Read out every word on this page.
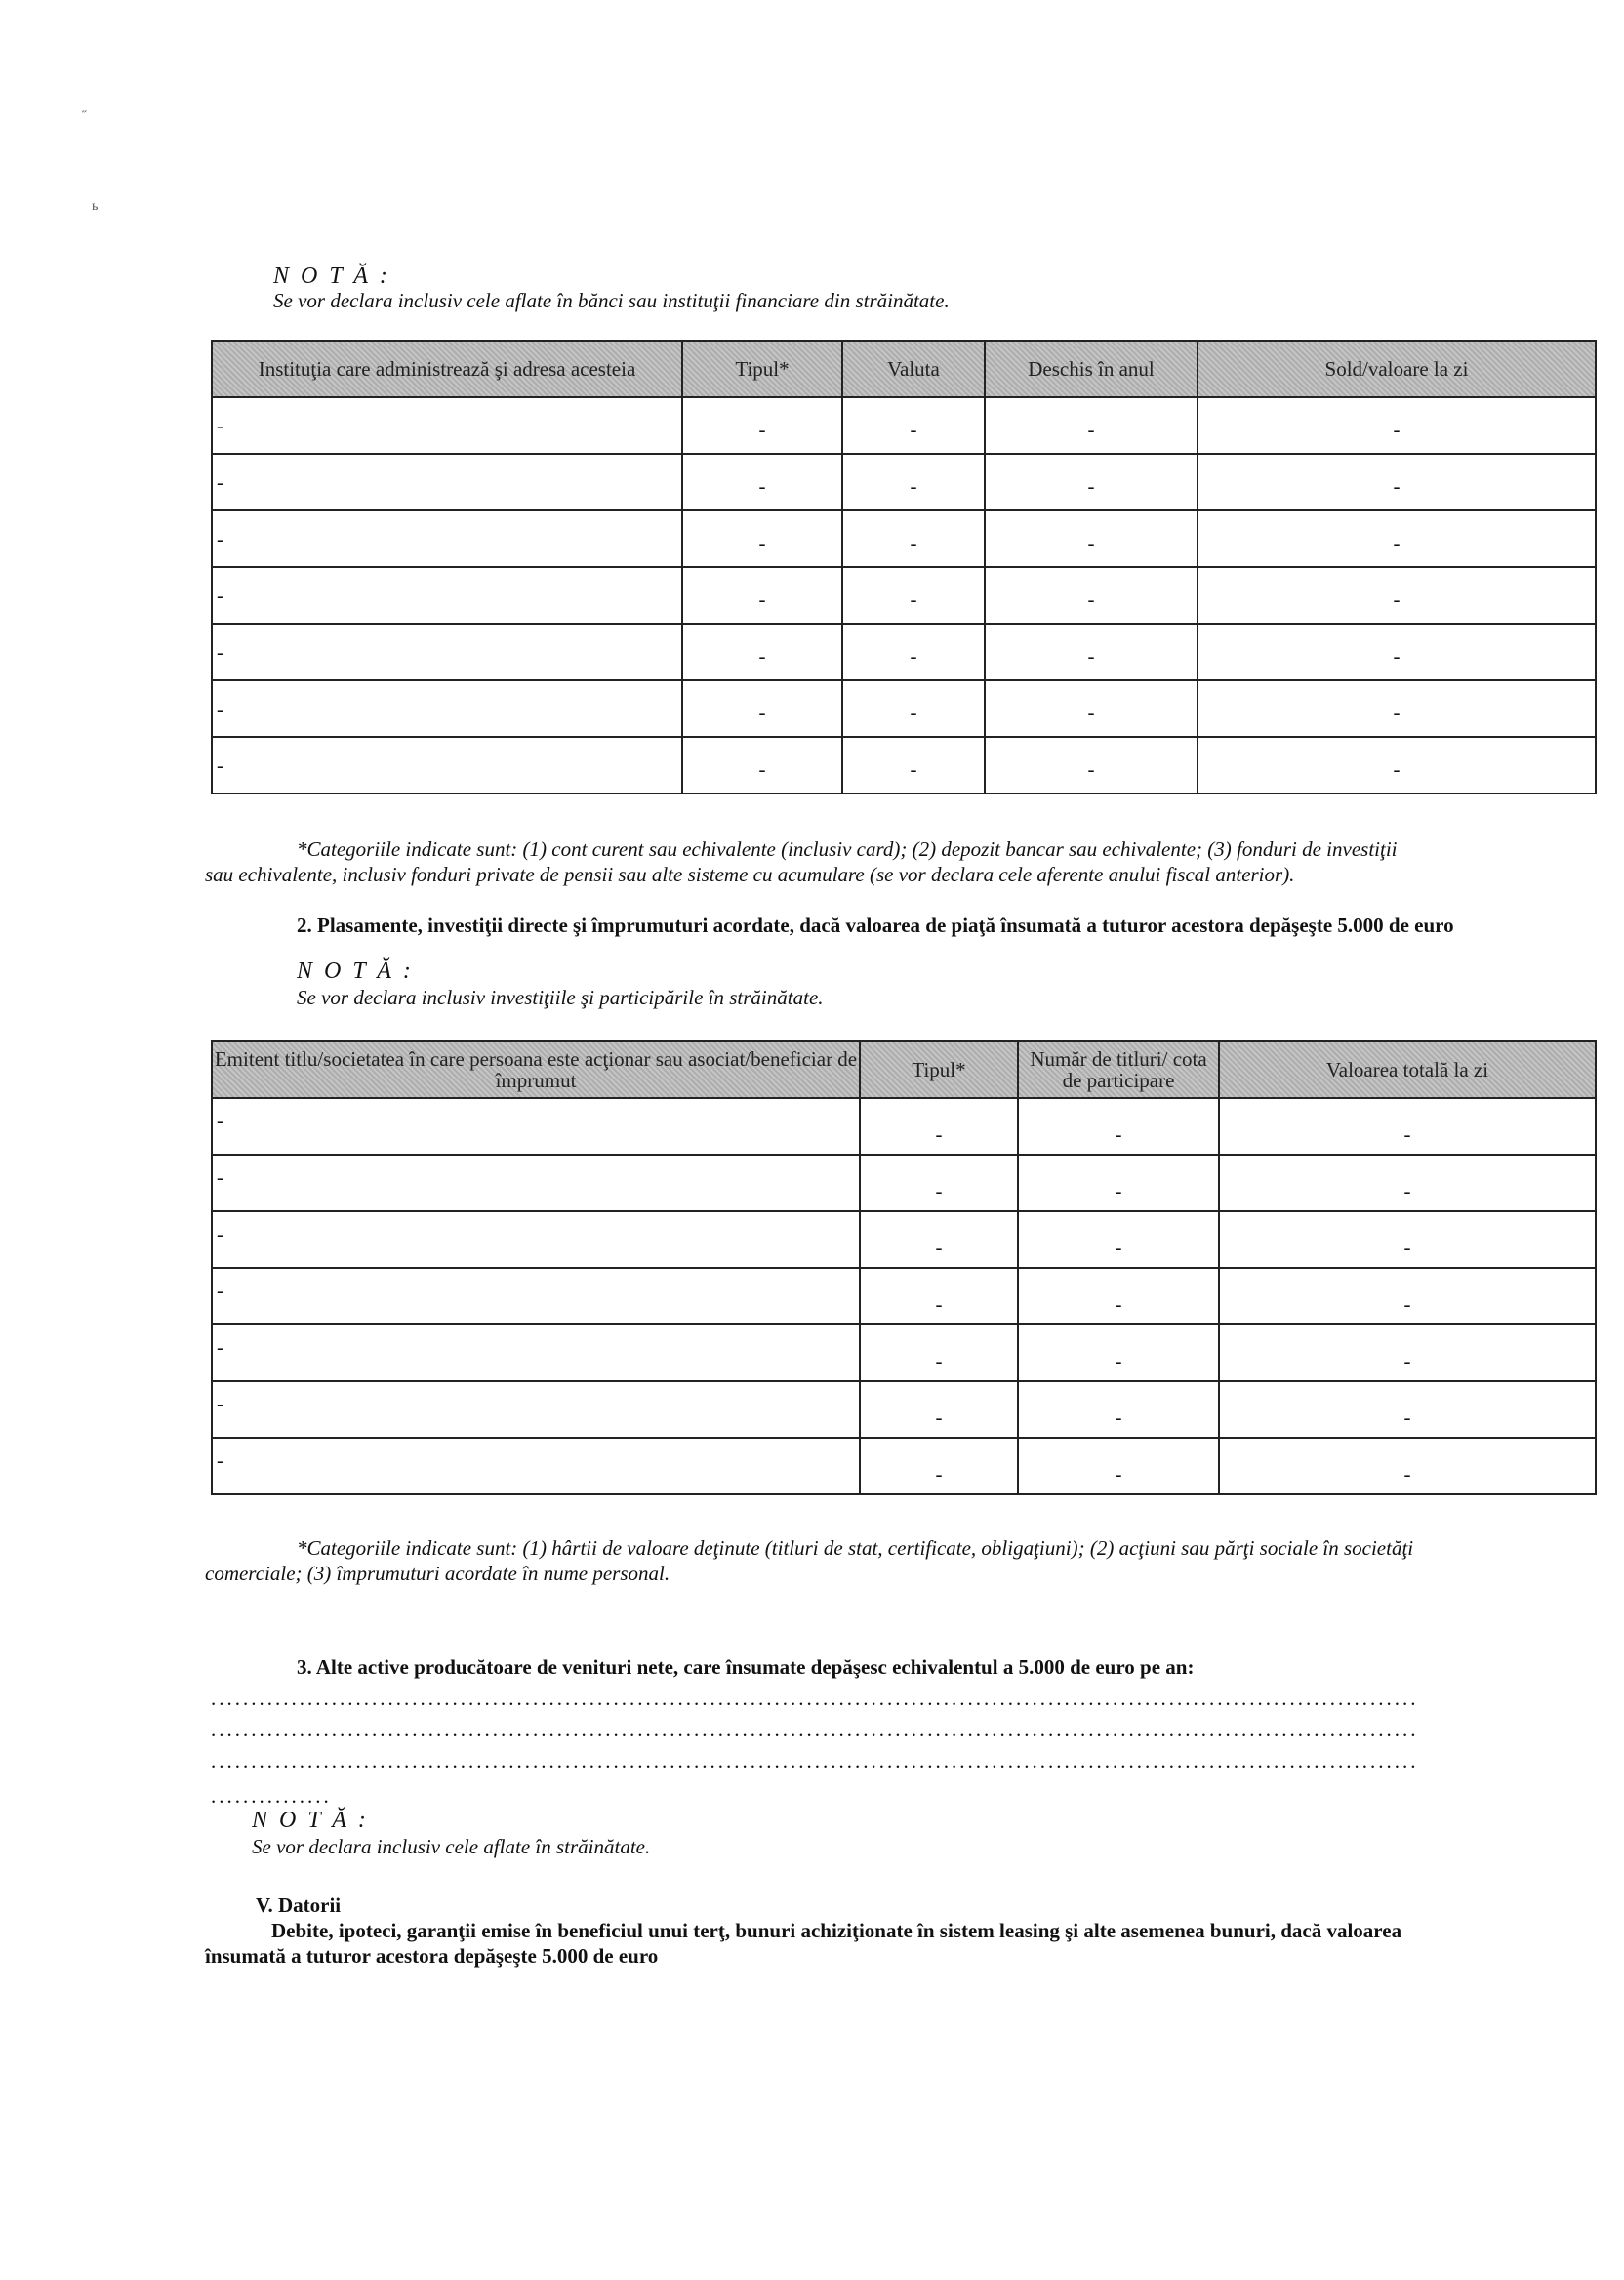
˝
ь
N O T Ă :
Se vor declara inclusiv cele aflate în bănci sau instituţii financiare din străinătate.
Instituţia care administrează şi adresa acesteia	Tipul*	Valuta	Deschis în anul	Sold/valoare la zi

-	-	-	-	-

-	-	-	-	-

-	-	-	-	-

-	-	-	-	-

-	-	-	-	-

-	-	-	-	-

-	-	-	-	-
*Categoriile indicate sunt: (1) cont curent sau echivalente (inclusiv card); (2) depozit bancar sau echivalente; (3) fonduri de investiţii
sau echivalente, inclusiv fonduri private de pensii sau alte sisteme cu acumulare (se vor declara cele aferente anului fiscal anterior).
2. Plasamente, investiţii directe şi împrumuturi acordate, dacă valoarea de piaţă însumată a tuturor acestora depăşeşte 5.000 de euro
N O T Ă :
Se vor declara inclusiv investiţiile şi participările în străinătate.
Emitent titlu/societatea în care persoana este acţionar sau asociat/beneficiar de împrumut	Tipul*	Număr de titluri/ cota de participare	Valoarea totală la zi

-	-	-	-

-	-	-	-

-	-	-	-

-	-	-	-

-	-	-	-

-	-	-	-

-	-	-	-
*Categoriile indicate sunt: (1) hârtii de valoare deţinute (titluri de stat, certificate, obligaţiuni); (2) acţiuni sau părţi sociale în societăţi
comerciale; (3) împrumuturi acordate în nume personal.
3. Alte active producătoare de venituri nete, care însumate depăşesc echivalentul a 5.000 de euro pe an:
......................................................................................................................................................
......................................................................................................................................................
......................................................................................................................................................
...............
N O T Ă :
Se vor declara inclusiv cele aflate în străinătate.
V. Datorii
Debite, ipoteci, garanţii emise în beneficiul unui terţ, bunuri achiziţionate în sistem leasing şi alte asemenea bunuri, dacă valoarea
însumată a tuturor acestora depăşeşte 5.000 de euro
